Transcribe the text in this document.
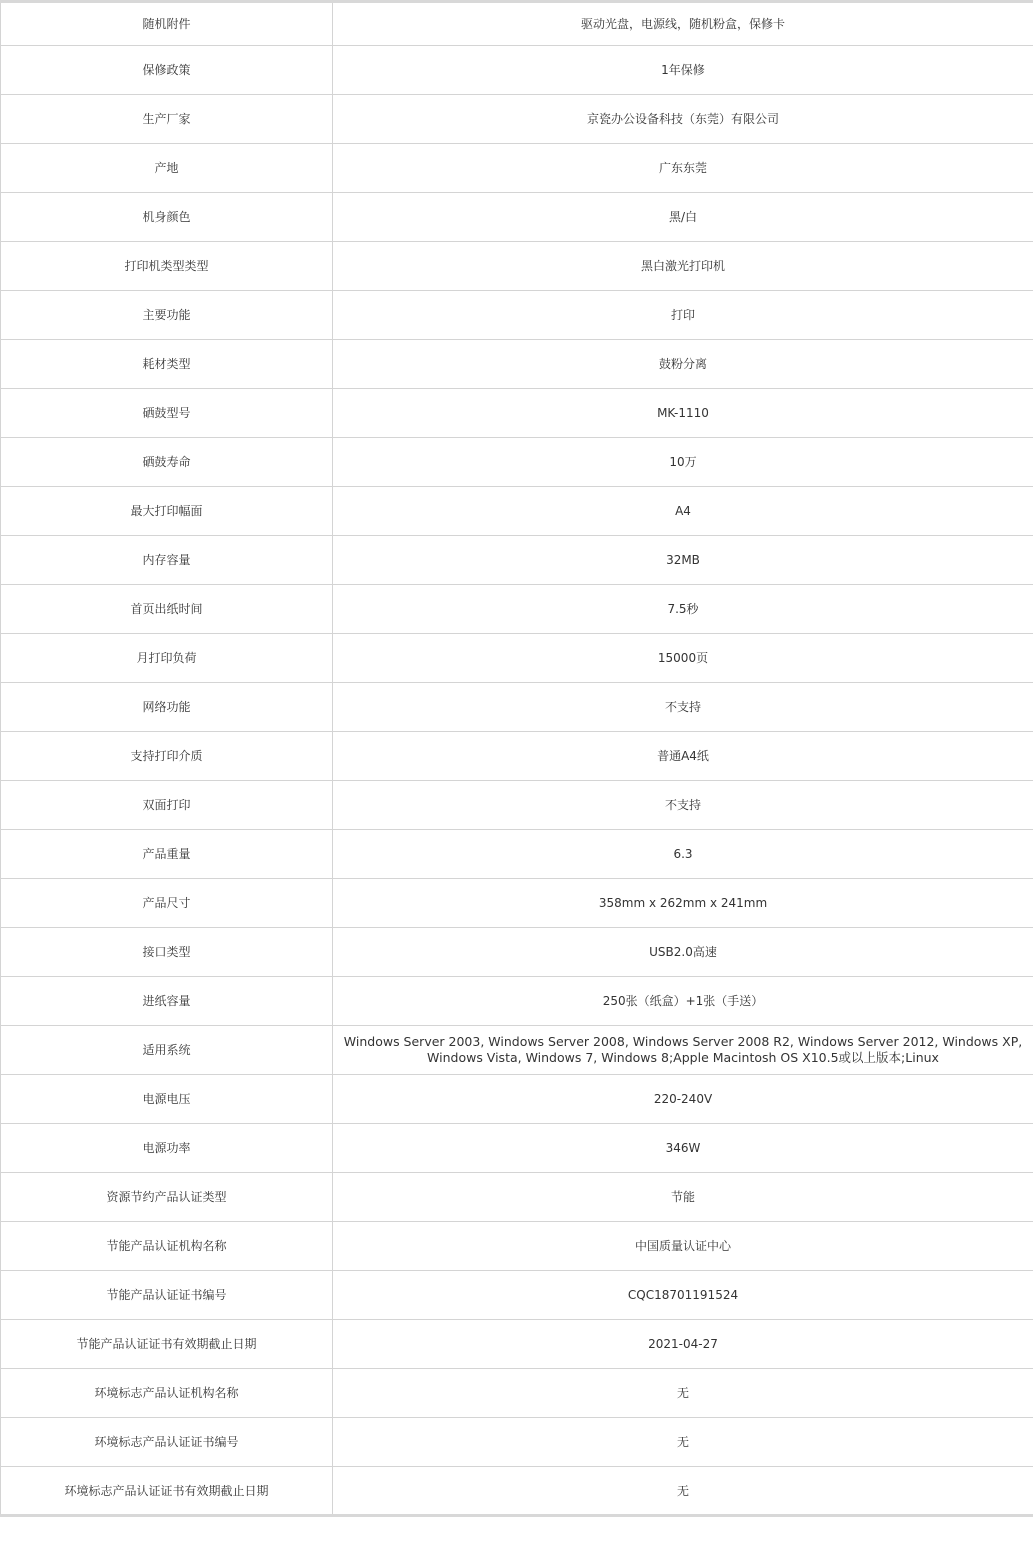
随机附件	驱动光盘，电源线，随机粉盒，保修卡
保修政策	1年保修
生产厂家	京瓷办公设备科技（东莞）有限公司
产地	广东东莞
机身颜色	黑/白
打印机类型类型	黑白激光打印机
主要功能	打印
耗材类型	鼓粉分离
硒鼓型号	MK-1110
硒鼓寿命	10万
最大打印幅面	A4
内存容量	32MB
首页出纸时间	7.5秒
月打印负荷	15000页
网络功能	不支持
支持打印介质	普通A4纸
双面打印	不支持
产品重量	6.3
产品尺寸	358mm x 262mm x 241mm
接口类型	USB2.0高速
进纸容量	250张（纸盒）+1张（手送）
适用系统	Windows Server 2003, Windows Server 2008, Windows Server 2008 R2, Windows Server 2012, Windows XP, Windows Vista, Windows 7, Windows 8;Apple Macintosh OS X10.5或以上版本;Linux
电源电压	220-240V
电源功率	346W
资源节约产品认证类型	节能
节能产品认证机构名称	中国质量认证中心
节能产品认证证书编号	CQC18701191524
节能产品认证证书有效期截止日期	2021-04-27
环境标志产品认证机构名称	无
环境标志产品认证证书编号	无
环境标志产品认证证书有效期截止日期	无
